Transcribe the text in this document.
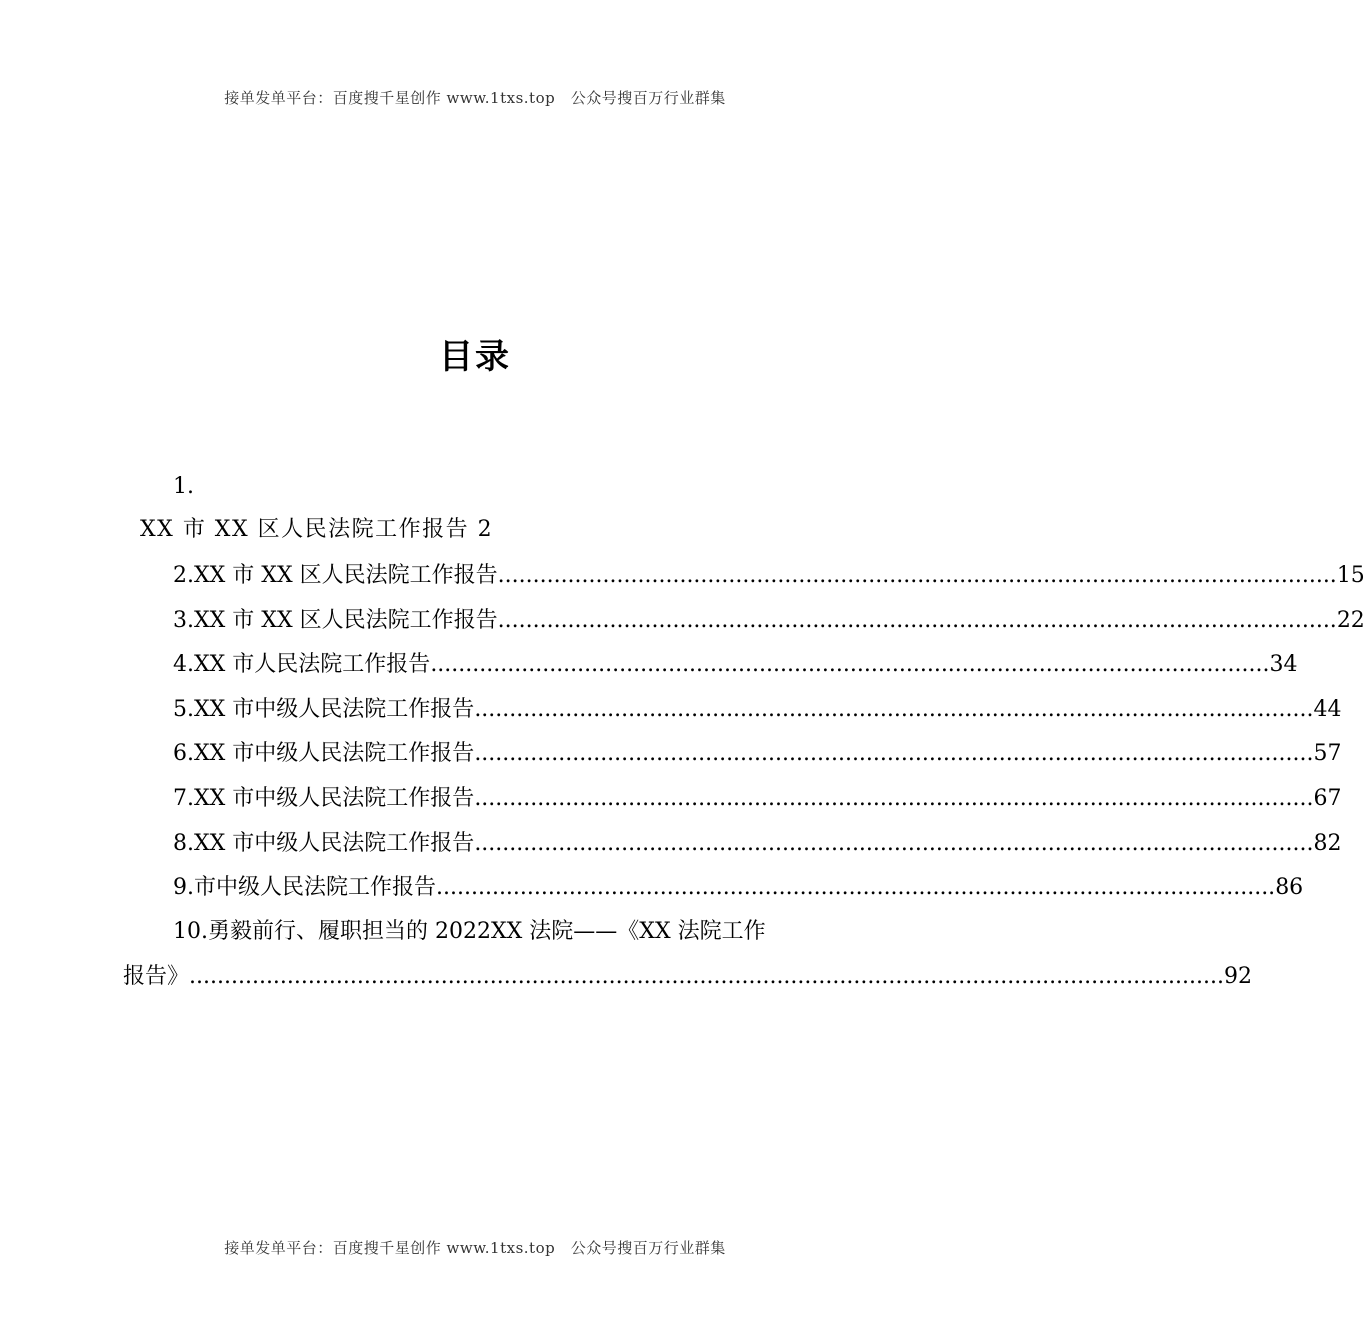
接单发单平台：百度搜千星创作 www.1txs.top　公众号搜百万行业群集
目录
1.
XX 市 XX 区人民法院工作报告 2
2.XX 市 XX 区人民法院工作报告 ........................................................................................................................ 15
3.XX 市 XX 区人民法院工作报告 ........................................................................................................................ 22
4.XX 市人民法院工作报告 ........................................................................................................................ 34
5.XX 市中级人民法院工作报告 ........................................................................................................................ 44
6.XX 市中级人民法院工作报告 ........................................................................................................................ 57
7.XX 市中级人民法院工作报告 ........................................................................................................................ 67
8.XX 市中级人民法院工作报告 ........................................................................................................................ 82
9.市中级人民法院工作报告 ........................................................................................................................ 86
10.勇毅前行、履职担当的 2022XX 法院——《XX 法院工作
报告》 .................................................................................................................................................... 92
接单发单平台：百度搜千星创作 www.1txs.top　公众号搜百万行业群集
